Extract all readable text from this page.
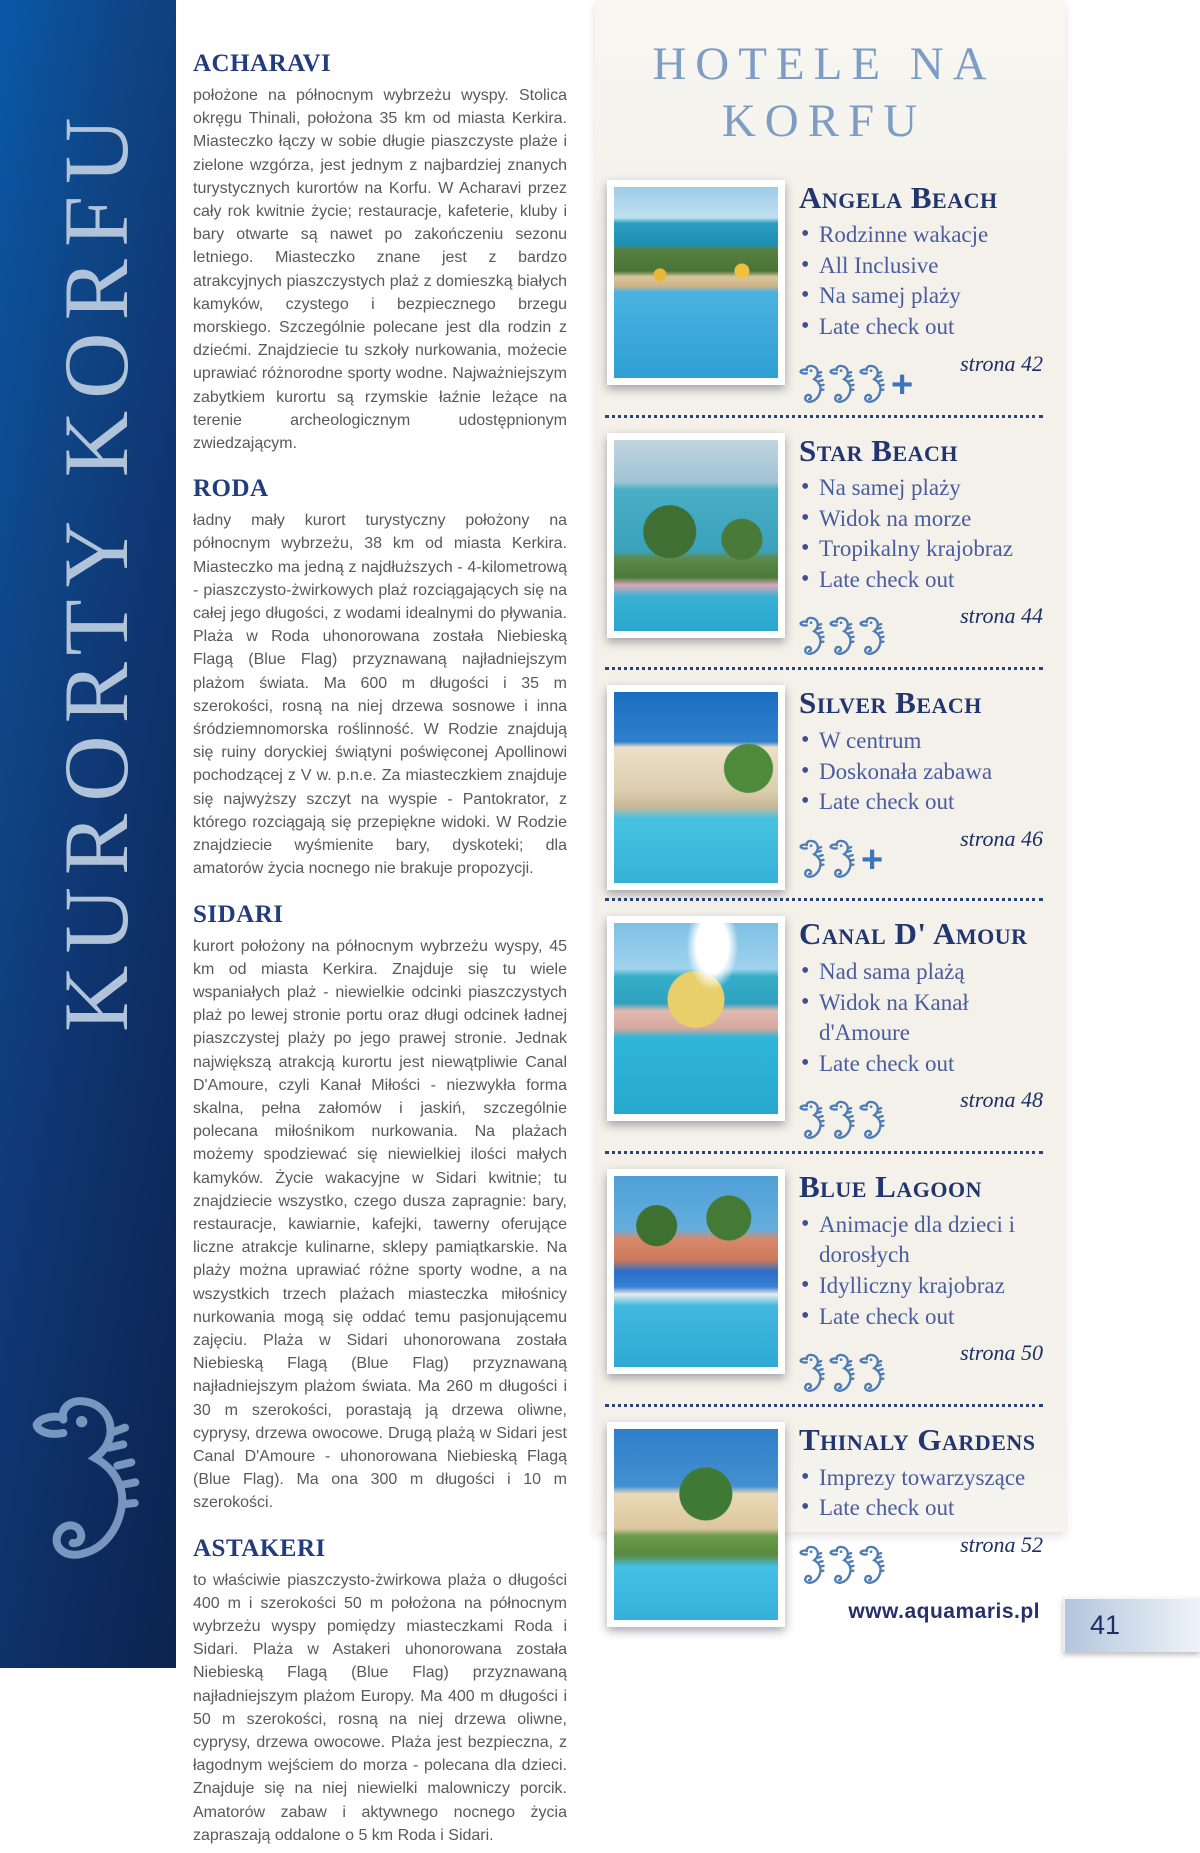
KURORTY KORFU
ACHARAVI

położone na północnym wybrzeżu wyspy. Stolica okręgu Thinali, położona 35 km od miasta Kerkira. Miasteczko łączy w sobie długie piaszczyste plaże i zielone wzgórza, jest jednym z najbardziej znanych turystycznych kurortów na Korfu. W Acharavi przez cały rok kwitnie życie; restauracje, kafeterie, kluby i bary otwarte są nawet po zakończeniu sezonu letniego. Miasteczko znane jest z bardzo atrakcyjnych piaszczystych plaż z domieszką białych kamyków, czystego i bezpiecznego brzegu morskiego. Szczególnie polecane jest dla rodzin z dziećmi. Znajdziecie tu szkoły nurkowania, możecie uprawiać różnorodne sporty wodne. Najważniejszym zabytkiem kurortu są rzymskie łaźnie leżące na terenie archeologicznym udostępnionym zwiedzającym.

RODA

ładny mały kurort turystyczny położony na północnym wybrzeżu, 38 km od miasta Kerkira. Miasteczko ma jedną z najdłuższych - 4-kilometrową - piaszczysto-żwirkowych plaż rozciągających się na całej jego długości, z wodami idealnymi do pływania. Plaża w Roda uhonorowana została Niebieską Flagą (Blue Flag) przyznawaną najładniejszym plażom świata. Ma 600 m długości i 35 m szerokości, rosną na niej drzewa sosnowe i inna śródziemnomorska roślinność. W Rodzie znajdują się ruiny doryckiej świątyni poświęconej Apollinowi pochodzącej z V w. p.n.e. Za miasteczkiem znajduje się najwyższy szczyt na wyspie - Pantokrator, z którego rozciągają się przepiękne widoki. W Rodzie znajdziecie wyśmienite bary, dyskoteki; dla amatorów życia nocnego nie brakuje propozycji.

SIDARI

kurort położony na północnym wybrzeżu wyspy, 45 km od miasta Kerkira. Znajduje się tu wiele wspaniałych plaż - niewielkie odcinki piaszczystych plaż po lewej stronie portu oraz długi odcinek ładnej piaszczystej plaży po jego prawej stronie. Jednak największą atrakcją kurortu jest niewątpliwie Canal D'Amoure, czyli Kanał Miłości - niezwykła forma skalna, pełna załomów i jaskiń, szczególnie polecana miłośnikom nurkowania. Na plażach możemy spodziewać się niewielkiej ilości małych kamyków. Życie wakacyjne w Sidari kwitnie; tu znajdziecie wszystko, czego dusza zapragnie: bary, restauracje, kawiarnie, kafejki, tawerny oferujące liczne atrakcje kulinarne, sklepy pamiątkarskie. Na plaży można uprawiać różne sporty wodne, a na wszystkich trzech plażach miasteczka miłośnicy nurkowania mogą się oddać temu pasjonującemu zajęciu. Plaża w Sidari uhonorowana została Niebieską Flagą (Blue Flag) przyznawaną najładniejszym plażom świata. Ma 260 m długości i 30 m szerokości, porastają ją drzewa oliwne, cyprysy, drzewa owocowe. Drugą plażą w Sidari jest Canal D'Amoure - uhonorowana Niebieską Flagą (Blue Flag). Ma ona 300 m długości i 10 m szerokości.

ASTAKERI

to właściwie piaszczysto-żwirkowa plaża o długości 400 m i szerokości 50 m położona na północnym wybrzeżu wyspy pomiędzy miasteczkami Roda i Sidari. Plaża w Astakeri uhonorowana została Niebieską Flagą (Blue Flag) przyznawaną najładniejszym plażom Europy. Ma 400 m długości i 50 m szerokości, rosną na niej drzewa oliwne, cyprysy, drzewa owocowe. Plaża jest bezpieczna, z łagodnym wejściem do morza - polecana dla dzieci. Znajduje się na niej niewielki malowniczy porcik. Amatorów zabaw i aktywnego nocnego życia zapraszają oddalone o 5 km Roda i Sidari.

HOTELE NA
KORFU
Angela Beach
• Rodzinne wakacje
• All Inclusive
• Na samej plaży
• Late check out
+
strona 42
Star Beach
• Na samej plaży
• Widok na morze
• Tropikalny krajobraz
• Late check out
strona 44
Silver Beach
• W centrum
• Doskonała zabawa
• Late check out
+
strona 46
Canal D' Amour
• Nad sama plażą
• Widok na Kanał d'Amoure
• Late check out
strona 48
Blue Lagoon
• Animacje dla dzieci i dorosłych
• Idylliczny krajobraz
• Late check out
strona 50
Thinaly Gardens
• Imprezy towarzyszące
• Late check out
strona 52
www.aquamaris.pl 41
